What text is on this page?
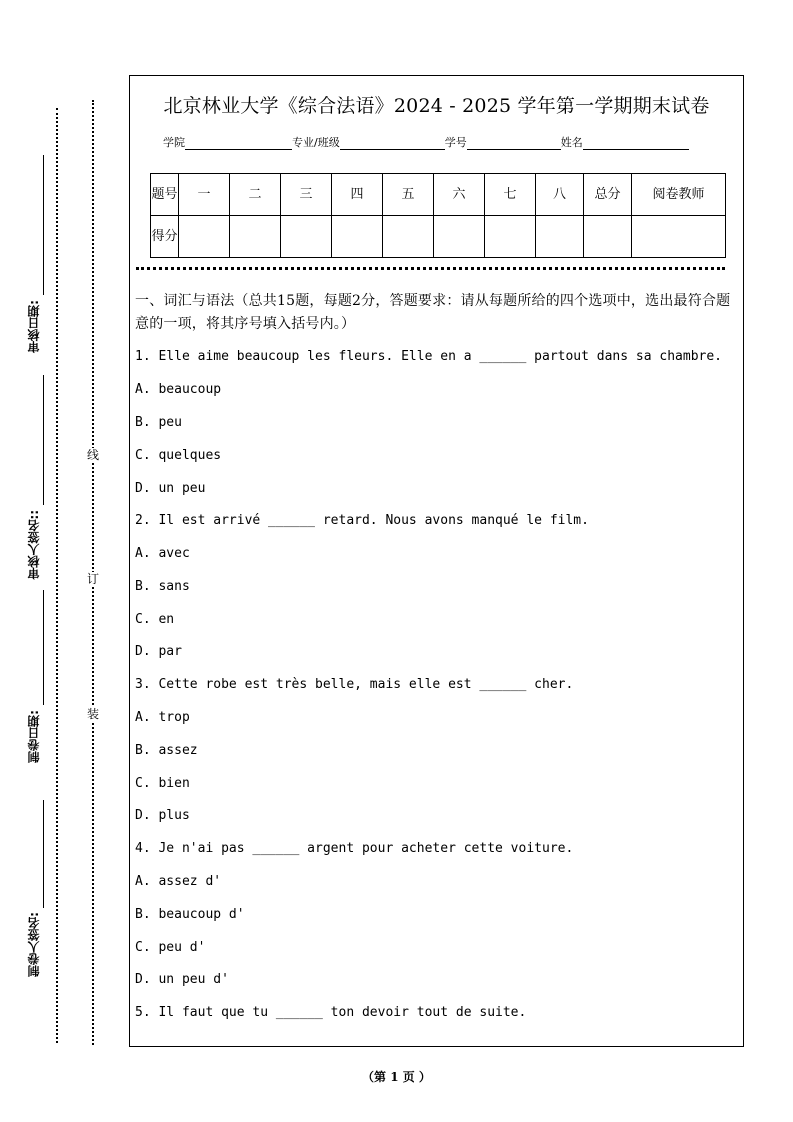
审核日期:
审核人签名::
制卷日期:
制卷人签名:
线
订
装
北京林业大学《综合法语》2024 - 2025 学年第一学期期末试卷
学院	专业/班级	学号	姓名
题号	一	二	三	四	五	六	七	八	总分	阅卷教师
得分										
一、词汇与语法（总共15题，每题2分，答题要求：请从每题所给的四个选项中，选出最符合题意的一项，将其序号填入括号内。）
1. Elle aime beaucoup les fleurs. Elle en a ______ partout dans sa chambre.
A. beaucoup
B. peu
C. quelques
D. un peu
2. Il est arrivé ______ retard. Nous avons manqué le film.
A. avec
B. sans
C. en
D. par
3. Cette robe est très belle, mais elle est ______ cher.
A. trop
B. assez
C. bien
D. plus
4. Je n'ai pas ______ argent pour acheter cette voiture.
A. assez d'
B. beaucoup d'
C. peu d'
D. un peu d'
5. Il faut que tu ______ ton devoir tout de suite.
（第 1 页 ）
